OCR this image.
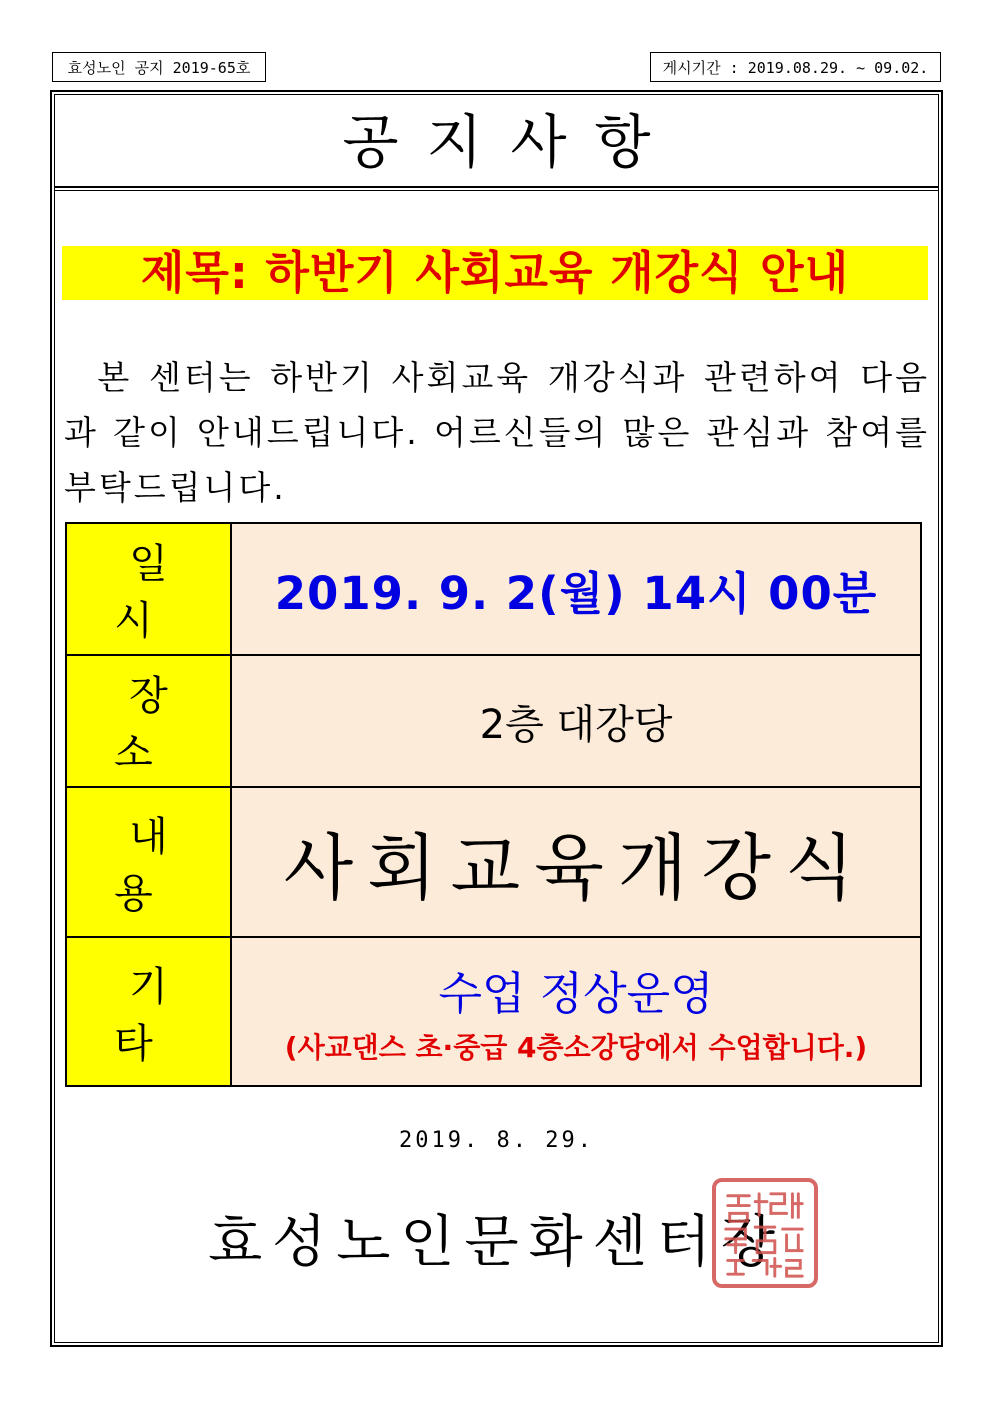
효성노인 공지 2019-65호	게시기간 : 2019.08.29. ~ 09.02.
공지사항
제목: 하반기 사회교육 개강식 안내
본 센터는 하반기 사회교육 개강식과 관련하여 다음과 같이 안내드립니다. 어르신들의 많은 관심과 참여를 부탁드립니다.
일시	2019. 9. 2(월) 14시 00분
장소	2층 대강당
내용	사회교육개강식
기타	수업 정상운영
(사교댄스 초·중급 4층소강당에서 수업합니다.)
2019. 8. 29.
효성노인문화센터장
